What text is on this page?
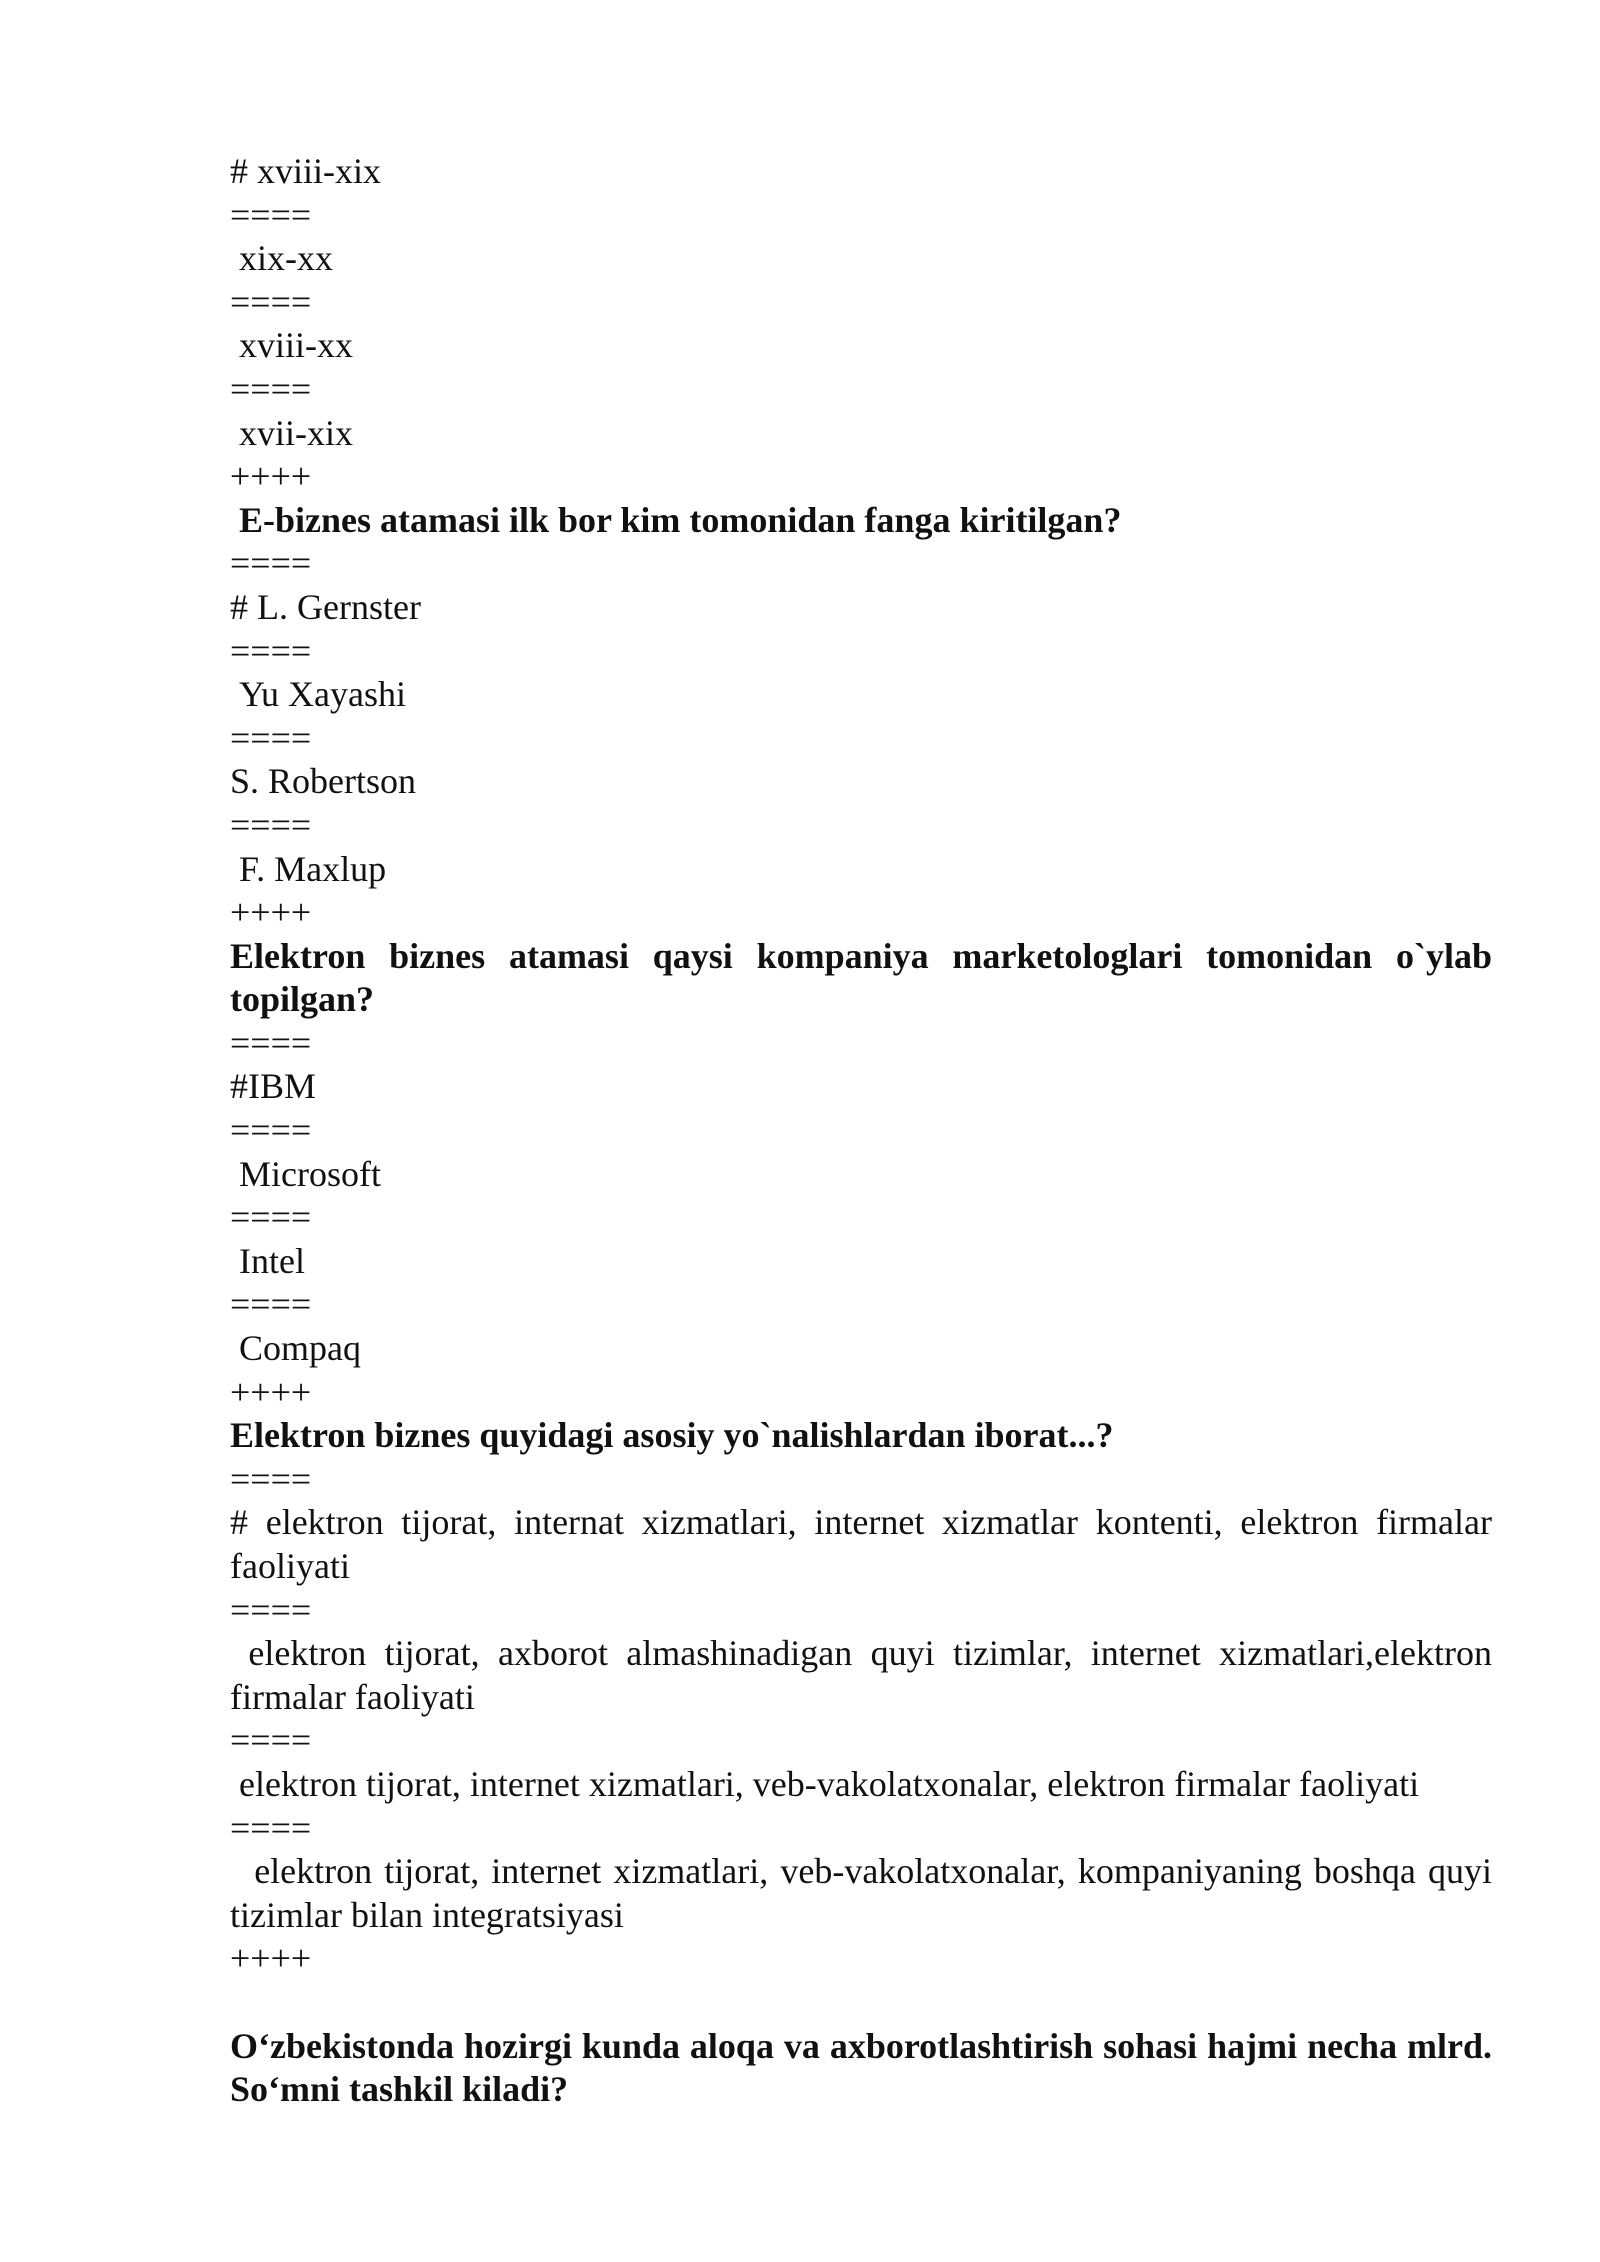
# xviii-xix
====
xix-xx
====
xviii-xx
====
xvii-xix
++++
E-biznes atamasi ilk bor kim tomonidan fanga kiritilgan?
====
# L. Gernster
====
Yu Xayashi
====
S. Robertson
====
F. Maxlup
++++
Elektron biznes atamasi qaysi kompaniya marketologlari tomonidan o`ylab topilgan?
====
#IBM
====
Microsoft
====
Intel
====
Compaq
++++
Elektron biznes quyidagi asosiy yo`nalishlardan iborat...?
====
# elektron tijorat, internat xizmatlari, internet xizmatlar kontenti, elektron firmalar faoliyati
====
elektron tijorat, axborot almashinadigan quyi tizimlar, internet xizmatlari,elektron firmalar faoliyati
====
elektron tijorat, internet xizmatlari, veb-vakolatxonalar, elektron firmalar faoliyati
====
elektron tijorat, internet xizmatlari, veb-vakolatxonalar, kompaniyaning boshqa quyi tizimlar bilan integratsiyasi
++++
O‘zbekistonda hozirgi kunda aloqa va axborotlashtirish sohasi hajmi necha mlrd. So‘mni tashkil kiladi?
